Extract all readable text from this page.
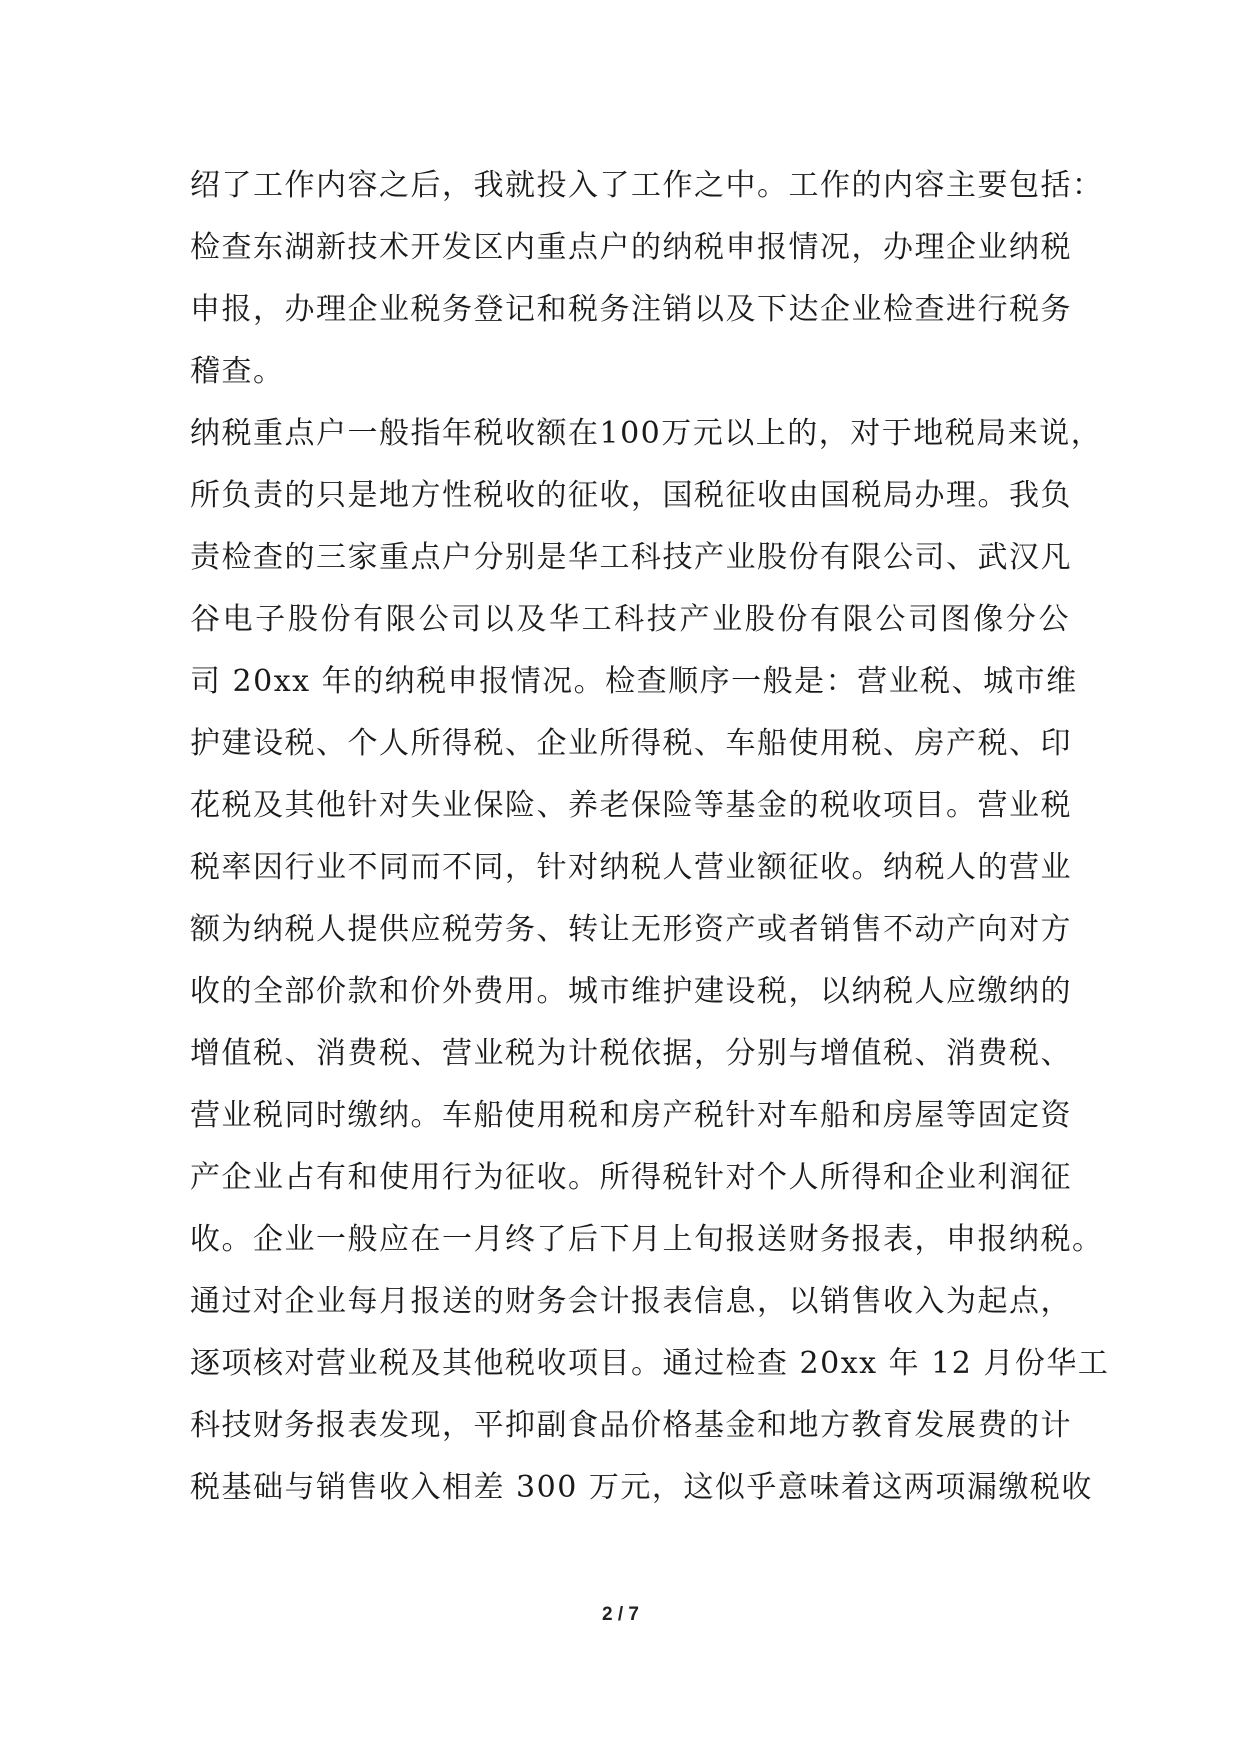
绍了工作内容之后，我就投入了工作之中。工作的内容主要包括：
检查东湖新技术开发区内重点户的纳税申报情况，办理企业纳税
申报，办理企业税务登记和税务注销以及下达企业检查进行税务
稽查。
纳税重点户一般指年税收额在100万元以上的，对于地税局来说，
所负责的只是地方性税收的征收，国税征收由国税局办理。我负
责检查的三家重点户分别是华工科技产业股份有限公司、武汉凡
谷电子股份有限公司以及华工科技产业股份有限公司图像分公
司 20xx 年的纳税申报情况。检查顺序一般是：营业税、城市维
护建设税、个人所得税、企业所得税、车船使用税、房产税、印
花税及其他针对失业保险、养老保险等基金的税收项目。营业税
税率因行业不同而不同，针对纳税人营业额征收。纳税人的营业
额为纳税人提供应税劳务、转让无形资产或者销售不动产向对方
收的全部价款和价外费用。城市维护建设税，以纳税人应缴纳的
增值税、消费税、营业税为计税依据，分别与增值税、消费税、
营业税同时缴纳。车船使用税和房产税针对车船和房屋等固定资
产企业占有和使用行为征收。所得税针对个人所得和企业利润征
收。企业一般应在一月终了后下月上旬报送财务报表，申报纳税。
通过对企业每月报送的财务会计报表信息，以销售收入为起点，
逐项核对营业税及其他税收项目。通过检查 20xx 年 12 月份华工
科技财务报表发现，平抑副食品价格基金和地方教育发展费的计
税基础与销售收入相差 300 万元，这似乎意味着这两项漏缴税收
2 / 7
